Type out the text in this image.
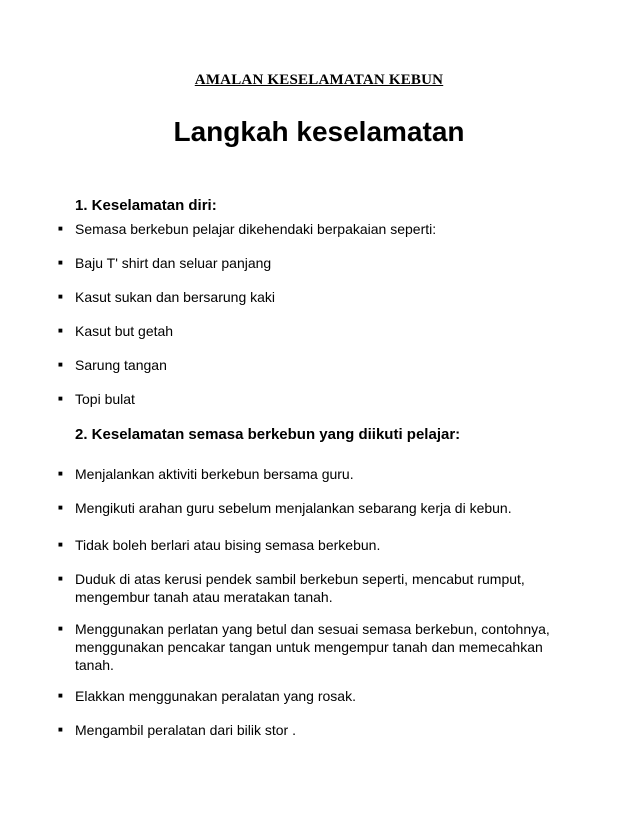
AMALAN KESELAMATAN KEBUN
Langkah keselamatan
1. Keselamatan diri:
■ Semasa berkebun pelajar dikehendaki berpakaian seperti:
■ Baju T' shirt dan seluar panjang
■ Kasut sukan dan bersarung kaki
■ Kasut but getah
■ Sarung tangan
■ Topi bulat
2. Keselamatan semasa berkebun yang diikuti pelajar:
■ Menjalankan aktiviti berkebun bersama guru.
■ Mengikuti arahan guru sebelum menjalankan sebarang kerja di kebun.
■ Tidak boleh berlari atau bising semasa berkebun.
■ Duduk di atas kerusi pendek sambil berkebun seperti, mencabut rumput, mengembur tanah atau meratakan tanah.
■ Menggunakan perlatan yang betul dan sesuai semasa berkebun, contohnya, menggunakan pencakar tangan untuk mengempur tanah dan memecahkan tanah.
■ Elakkan menggunakan peralatan yang rosak.
■ Mengambil peralatan dari bilik stor .
